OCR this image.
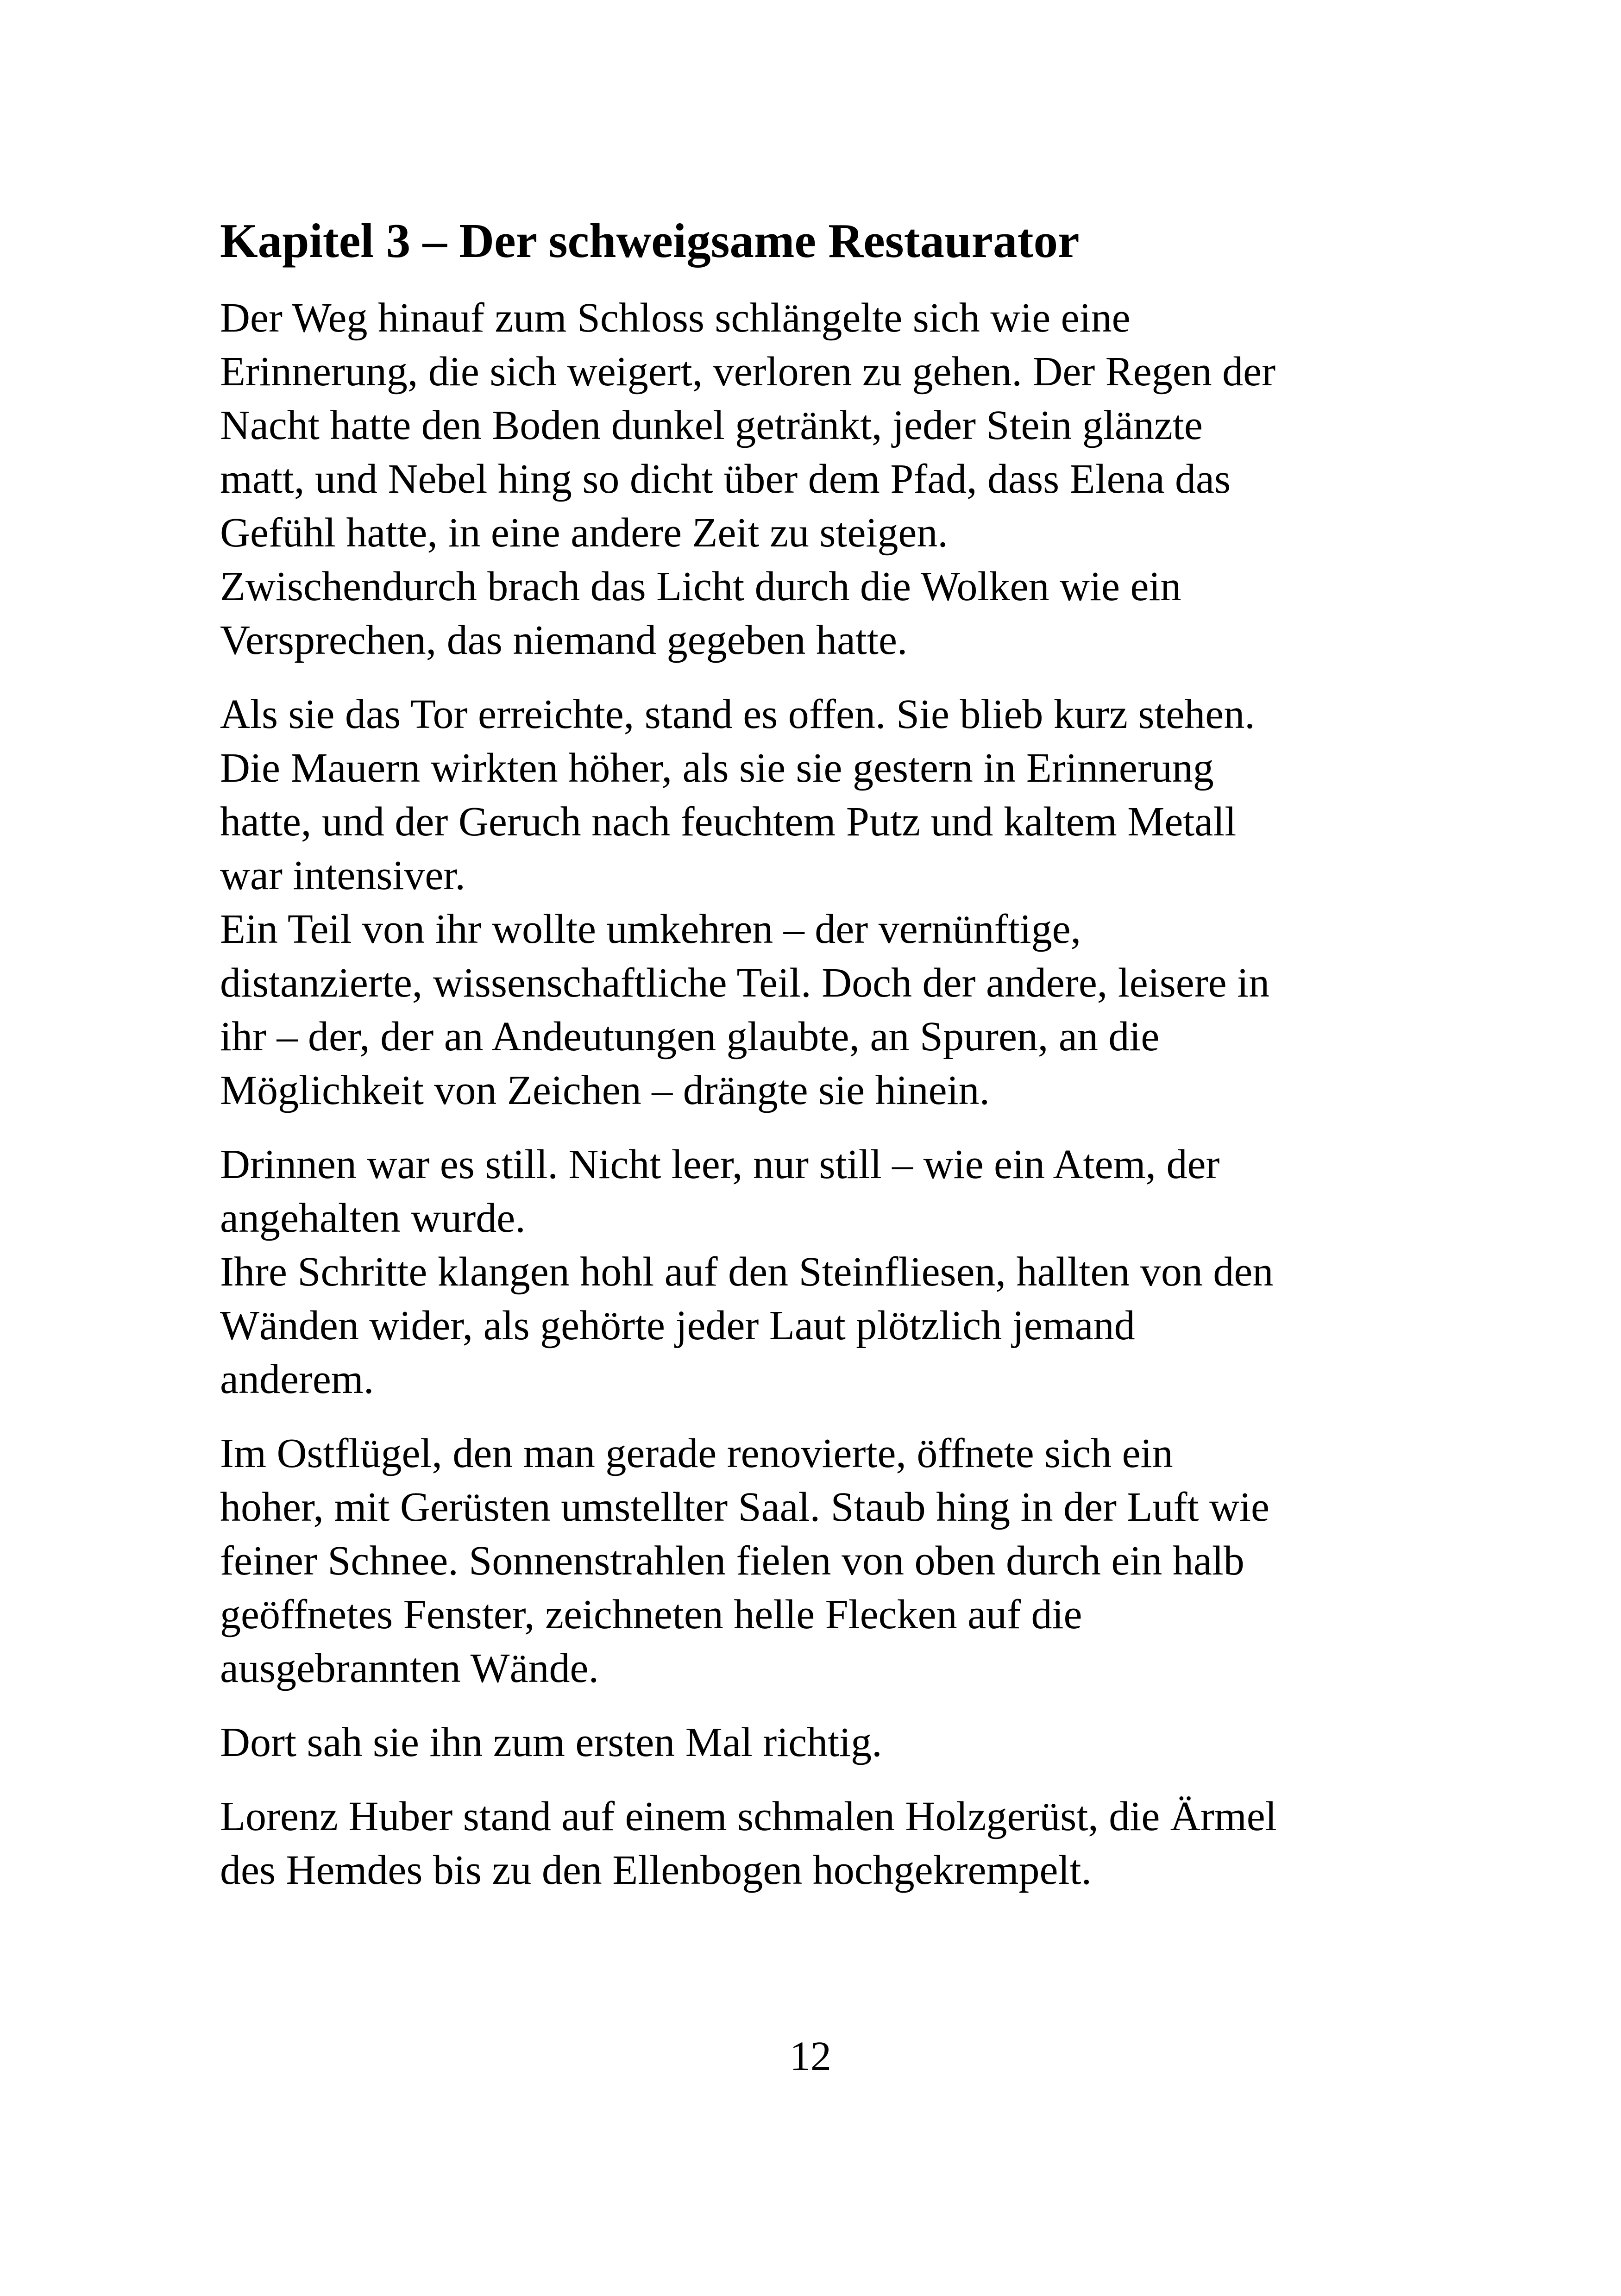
Kapitel 3 – Der schweigsame Restaurator

Der Weg hinauf zum Schloss schlängelte sich wie eine
Erinnerung, die sich weigert, verloren zu gehen. Der Regen der
Nacht hatte den Boden dunkel getränkt, jeder Stein glänzte
matt, und Nebel hing so dicht über dem Pfad, dass Elena das
Gefühl hatte, in eine andere Zeit zu steigen.
Zwischendurch brach das Licht durch die Wolken wie ein
Versprechen, das niemand gegeben hatte.

Als sie das Tor erreichte, stand es offen. Sie blieb kurz stehen.
Die Mauern wirkten höher, als sie sie gestern in Erinnerung
hatte, und der Geruch nach feuchtem Putz und kaltem Metall
war intensiver.
Ein Teil von ihr wollte umkehren – der vernünftige,
distanzierte, wissenschaftliche Teil. Doch der andere, leisere in
ihr – der, der an Andeutungen glaubte, an Spuren, an die
Möglichkeit von Zeichen – drängte sie hinein.

Drinnen war es still. Nicht leer, nur still – wie ein Atem, der
angehalten wurde.
Ihre Schritte klangen hohl auf den Steinfliesen, hallten von den
Wänden wider, als gehörte jeder Laut plötzlich jemand
anderem.

Im Ostflügel, den man gerade renovierte, öffnete sich ein
hoher, mit Gerüsten umstellter Saal. Staub hing in der Luft wie
feiner Schnee. Sonnenstrahlen fielen von oben durch ein halb
geöffnetes Fenster, zeichneten helle Flecken auf die
ausgebrannten Wände.

Dort sah sie ihn zum ersten Mal richtig.

Lorenz Huber stand auf einem schmalen Holzgerüst, die Ärmel
des Hemdes bis zu den Ellenbogen hochgekrempelt.

12
